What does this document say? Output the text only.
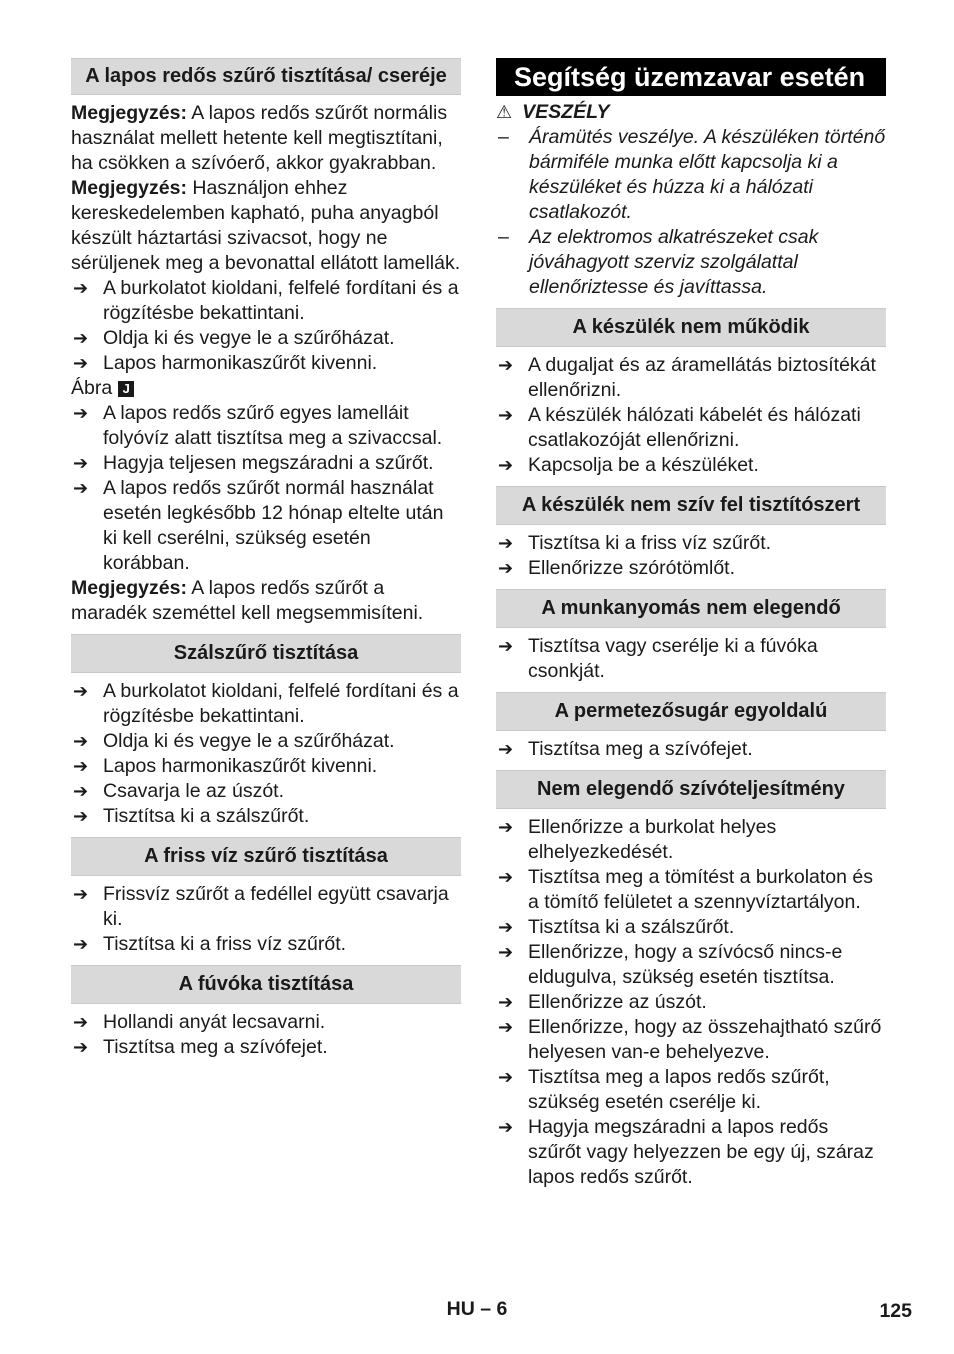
A lapos redős szűrő tisztítása/ cseréje

Megjegyzés: A lapos redős szűrőt normális használat mellett hetente kell megtisztítani, ha csökken a szívóerő, akkor gyakrabban.

Megjegyzés: Használjon ehhez kereskedelemben kapható, puha anyagból készült háztartási szivacsot, hogy ne sérüljenek meg a bevonattal ellátott lamellák.

➔ A burkolatot kioldani, felfelé fordítani és a rögzítésbe bekattintani.
➔ Oldja ki és vegye le a szűrőházat.
➔ Lapos harmonikaszűrőt kivenni.

Ábra J

➔ A lapos redős szűrő egyes lamelláit folyóvíz alatt tisztítsa meg a szivaccsal.
➔ Hagyja teljesen megszáradni a szűrőt.
➔ A lapos redős szűrőt normál használat esetén legkésőbb 12 hónap eltelte után ki kell cserélni, szükség esetén korábban.

Megjegyzés: A lapos redős szűrőt a maradék szeméttel kell megsemmisíteni.

Szálszűrő tisztítása
➔ A burkolatot kioldani, felfelé fordítani és a rögzítésbe bekattintani.
➔ Oldja ki és vegye le a szűrőházat.
➔ Lapos harmonikaszűrőt kivenni.
➔ Csavarja le az úszót.
➔ Tisztítsa ki a szálszűrőt.
A friss víz szűrő tisztítása
➔ Frissvíz szűrőt a fedéllel együtt csavarja ki.
➔ Tisztítsa ki a friss víz szűrőt.
A fúvóka tisztítása
➔ Hollandi anyát lecsavarni.
➔ Tisztítsa meg a szívófejet.
Segítség üzemzavar esetén
⚠ VESZÉLY
– Áramütés veszélye. A készüléken történő bármiféle munka előtt kapcsolja ki a készüléket és húzza ki a hálózati csatlakozót.
– Az elektromos alkatrészeket csak jóváhagyott szerviz szolgálattal ellenőriztesse és javíttassa.
A készülék nem működik
➔ A dugaljat és az áramellátás biztosítékát ellenőrizni.
➔ A készülék hálózati kábelét és hálózati csatlakozóját ellenőrizni.
➔ Kapcsolja be a készüléket.
A készülék nem szív fel tisztítószert
➔ Tisztítsa ki a friss víz szűrőt.
➔ Ellenőrizze szórótömlőt.
A munkanyomás nem elegendő
➔ Tisztítsa vagy cserélje ki a fúvóka csonkját.
A permetezősugár egyoldalú
➔ Tisztítsa meg a szívófejet.
Nem elegendő szívóteljesítmény
➔ Ellenőrizze a burkolat helyes elhelyezkedését.
➔ Tisztítsa meg a tömítést a burkolaton és a tömítő felületet a szennyvíztartályon.
➔ Tisztítsa ki a szálszűrőt.
➔ Ellenőrizze, hogy a szívócső nincs-e eldugulva, szükség esetén tisztítsa.
➔ Ellenőrizze az úszót.
➔ Ellenőrizze, hogy az összehajtható szűrő helyesen van-e behelyezve.
➔ Tisztítsa meg a lapos redős szűrőt, szükség esetén cserélje ki.
➔ Hagyja megszáradni a lapos redős szűrőt vagy helyezzen be egy új, száraz lapos redős szűrőt.
HU – 6	125
